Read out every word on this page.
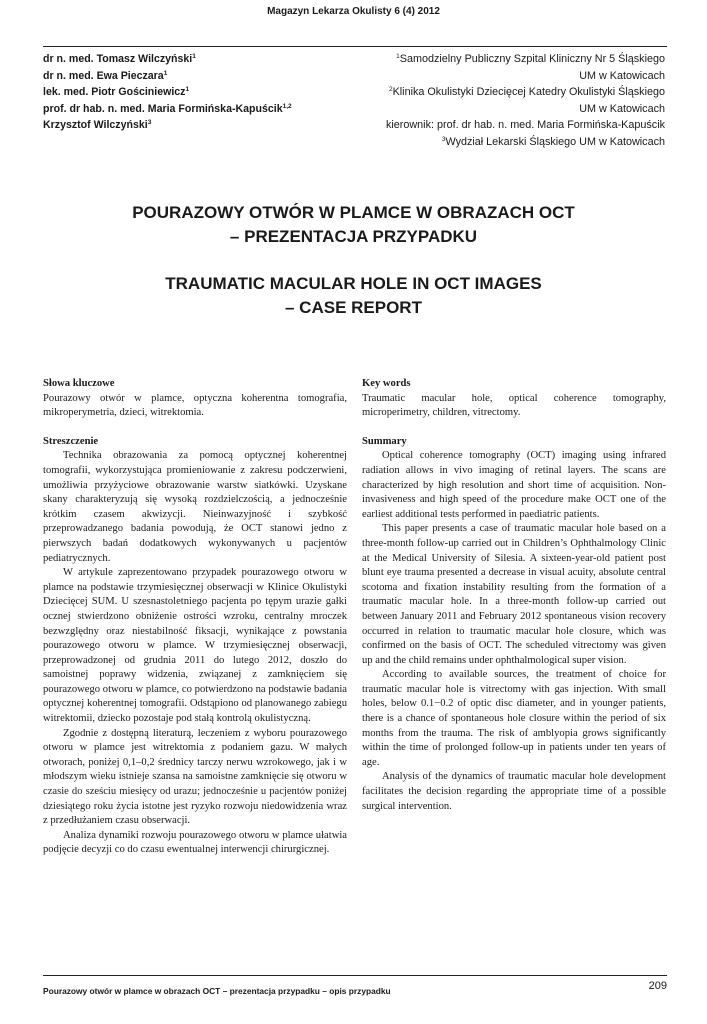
Magazyn Lekarza Okulisty 6 (4) 2012
dr n. med. Tomasz Wilczyński$^1$
dr n. med. Ewa Pieczara$^1$
lek. med. Piotr Gościniewicz$^1$
prof. dr hab. n. med. Maria Formińska-Kapuścik$^{1,2}$
Krzysztof Wilczyński$^3$
$^1$Samodzielny Publiczny Szpital Kliniczny Nr 5 Śląskiego
UM w Katowicach
$^2$Klinika Okulistyki Dziecięcej Katedry Okulistyki Śląskiego
UM w Katowicach
kierownik: prof. dr hab. n. med. Maria Formińska-Kapuścik
$^3$Wydział Lekarski Śląskiego UM w Katowicach
POURAZOWY OTWÓR W PLAMCE W OBRAZACH OCT
– PREZENTACJA PRZYPADKU
TRAUMATIC MACULAR HOLE IN OCT IMAGES
– CASE REPORT
Słowa kluczowe

Pourazowy otwór w plamce, optyczna koherentna tomografia, mikroperymetria, dzieci, witrektomia.

Streszczenie

Technika obrazowania za pomocą optycznej koherentnej tomografii, wykorzystująca promieniowanie z zakresu podczerwieni, umożliwia przyżyciowe obrazowanie warstw siatkówki. Uzyskane skany charakteryzują się wysoką rozdzielczością, a jednocześnie krótkim czasem akwizycji. Nieinwazyjność i szybkość przeprowadzanego badania powodują, że OCT stanowi jedno z pierwszych badań dodatkowych wykonywanych u pacjentów pediatrycznych.

W artykule zaprezentowano przypadek pourazowego otworu w plamce na podstawie trzymiesięcznej obserwacji w Klinice Okulistyki Dziecięcej SUM. U szesnastoletniego pacjenta po tępym urazie gałki ocznej stwierdzono obniżenie ostrości wzroku, centralny mroczek bezwzględny oraz niestabilność fiksacji, wynikające z powstania pourazowego otworu w plamce. W trzymiesięcznej obserwacji, przeprowadzonej od grudnia 2011 do lutego 2012, doszło do samoistnej poprawy widzenia, związanej z zamknięciem się pourazowego otworu w plamce, co potwierdzono na podstawie badania optycznej koherentnej tomografii. Odstąpiono od planowanego zabiegu witrektomii, dziecko pozostaje pod stałą kontrolą okulistyczną.

Zgodnie z dostępną literaturą, leczeniem z wyboru pourazowego otworu w plamce jest witrektomia z podaniem gazu. W małych otworach, poniżej 0,1–0,2 średnicy tarczy nerwu wzrokowego, jak i w młodszym wieku istnieje szansa na samoistne zamknięcie się otworu w czasie do sześciu miesięcy od urazu; jednocześnie u pacjentów poniżej dziesiątego roku życia istotne jest ryzyko rozwoju niedowidzenia wraz z przedłużaniem czasu obserwacji.

Analiza dynamiki rozwoju pourazowego otworu w plamce ułatwia podjęcie decyzji co do czasu ewentualnej interwencji chirurgicznej.

Key words

Traumatic macular hole, optical coherence tomography, microperimetry, children, vitrectomy.

Summary

Optical coherence tomography (OCT) imaging using infrared radiation allows in vivo imaging of retinal layers. The scans are characterized by high resolution and short time of acquisition. Non-invasiveness and high speed of the procedure make OCT one of the earliest additional tests performed in paediatric patients.

This paper presents a case of traumatic macular hole based on a three-month follow-up carried out in Children’s Ophthalmology Clinic at the Medical University of Silesia. A sixteen-year-old patient post blunt eye trauma presented a decrease in visual acuity, absolute central scotoma and fixation instability resulting from the formation of a traumatic macular hole. In a three-month follow-up carried out between January 2011 and February 2012 spontaneous vision recovery occurred in relation to traumatic macular hole closure, which was confirmed on the basis of OCT. The scheduled vitrectomy was given up and the child remains under ophthalmological super vision.

According to available sources, the treatment of choice for traumatic macular hole is vitrectomy with gas injection. With small holes, below 0.1−0.2 of optic disc diameter, and in younger patients, there is a chance of spontaneous hole closure within the period of six months from the trauma. The risk of amblyopia grows significantly within the time of prolonged follow-up in patients under ten years of age.

Analysis of the dynamics of traumatic macular hole development facilitates the decision regarding the appropriate time of a possible surgical intervention.

Pourazowy otwór w plamce w obrazach OCT – prezentacja przypadku – opis przypadku	209
